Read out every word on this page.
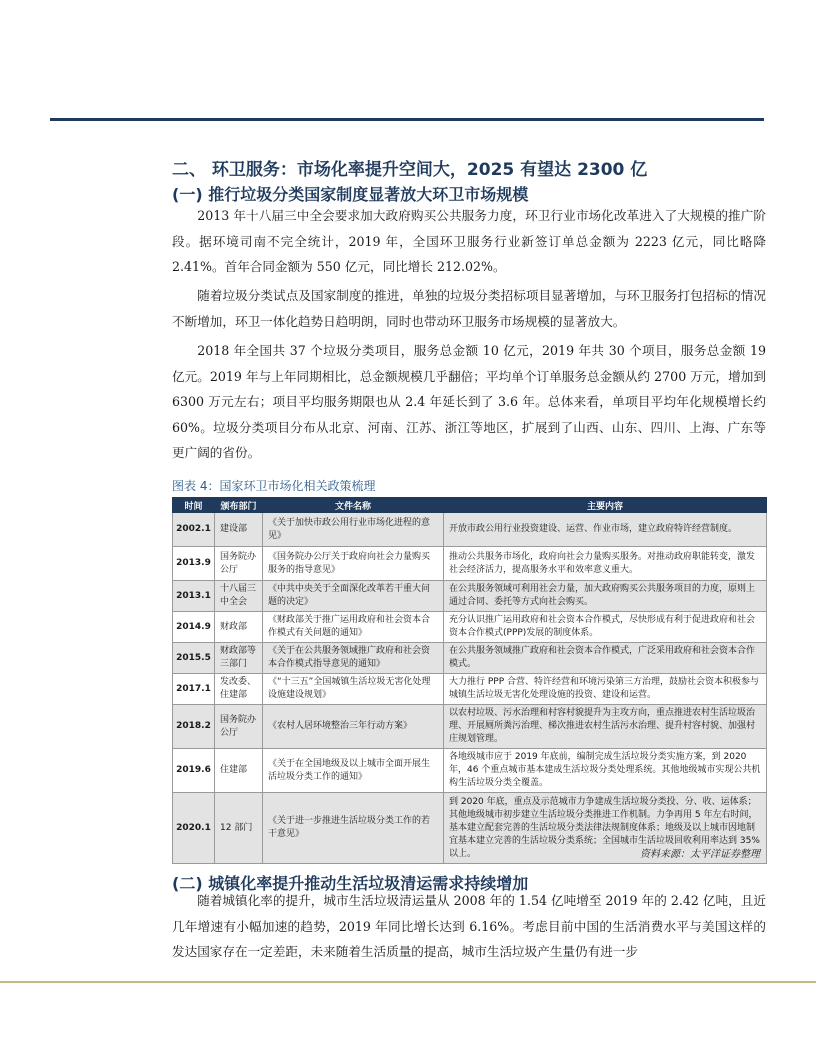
二、 环卫服务：市场化率提升空间大，2025 有望达 2300 亿
(一) 推行垃圾分类国家制度显著放大环卫市场规模

2013 年十八届三中全会要求加大政府购买公共服务力度，环卫行业市场化改革进入了大规模的推广阶段。据环境司南不完全统计，2019 年，全国环卫服务行业新签订单总金额为 2223 亿元，同比略降 2.41%。首年合同金额为 550 亿元，同比增长 212.02%。

随着垃圾分类试点及国家制度的推进，单独的垃圾分类招标项目显著增加，与环卫服务打包招标的情况不断增加，环卫一体化趋势日趋明朗，同时也带动环卫服务市场规模的显著放大。

2018 年全国共 37 个垃圾分类项目，服务总金额 10 亿元，2019 年共 30 个项目，服务总金额 19 亿元。2019 年与上年同期相比，总金额规模几乎翻倍；平均单个订单服务总金额从约 2700 万元，增加到 6300 万元左右；项目平均服务期限也从 2.4 年延长到了 3.6 年。总体来看，单项目平均年化规模增长约 60%。垃圾分类项目分布从北京、河南、江苏、浙江等地区，扩展到了山西、山东、四川、上海、广东等更广阔的省份。

图表 4：国家环卫市场化相关政策梳理
时间	颁布部门	文件名称	主要内容
2002.1	建设部	《关于加快市政公用行业市场化进程的意见》	开放市政公用行业投资建设、运营、作业市场，建立政府特许经营制度。
2013.9	国务院办公厅	《国务院办公厅关于政府向社会力量购买服务的指导意见》	推动公共服务市场化，政府向社会力量购买服务。对推动政府职能转变，激发社会经济活力，提高服务水平和效率意义重大。
2013.1	十八届三中全会	《中共中央关于全面深化改革若干重大问题的决定》	在公共服务领域可利用社会力量，加大政府购买公共服务项目的力度，原则上通过合同、委托等方式向社会购买。
2014.9	财政部	《财政部关于推广运用政府和社会资本合作模式有关问题的通知》	充分认识推广运用政府和社会资本合作模式，尽快形成有利于促进政府和社会资本合作模式(PPP)发展的制度体系。
2015.5	财政部等三部门	《关于在公共服务领域推广政府和社会资本合作模式指导意见的通知》	在公共服务领域推广政府和社会资本合作模式，广泛采用政府和社会资本合作模式。
2017.1	发改委、住建部	《“十三五”全国城镇生活垃圾无害化处理设施建设规划》	大力推行 PPP 合营、特许经营和环境污染第三方治理，鼓励社会资本积极参与城镇生活垃圾无害化处理设施的投资、建设和运营。
2018.2	国务院办公厅	《农村人居环境整治三年行动方案》	以农村垃圾、污水治理和村容村貌提升为主攻方向，重点推进农村生活垃圾治理、开展厕所粪污治理、梯次推进农村生活污水治理、提升村容村貌、加强村庄规划管理。
2019.6	住建部	《关于在全国地级及以上城市全面开展生活垃圾分类工作的通知》	各地级城市应于 2019 年底前，编制完成生活垃圾分类实施方案，到 2020 年，46 个重点城市基本建成生活垃圾分类处理系统。其他地级城市实现公共机构生活垃圾分类全覆盖。
2020.1	12 部门	《关于进一步推进生活垃圾分类工作的若干意见》	到 2020 年底，重点及示范城市力争建成生活垃圾分类投、分、收、运体系；其他地级城市初步建立生活垃圾分类推进工作机制。力争再用 5 年左右时间，基本建立配套完善的生活垃圾分类法律法规制度体系；地级及以上城市因地制宜基本建立完善的生活垃圾分类系统；全国城市生活垃圾回收利用率达到 35%以上。	资料来源：太平洋证券整理
(二) 城镇化率提升推动生活垃圾清运需求持续增加

随着城镇化率的提升，城市生活垃圾清运量从 2008 年的 1.54 亿吨增至 2019 年的 2.42 亿吨，且近几年增速有小幅加速的趋势，2019 年同比增长达到 6.16%。考虑目前中国的生活消费水平与美国这样的发达国家存在一定差距，未来随着生活质量的提高，城市生活垃圾产生量仍有进一步
